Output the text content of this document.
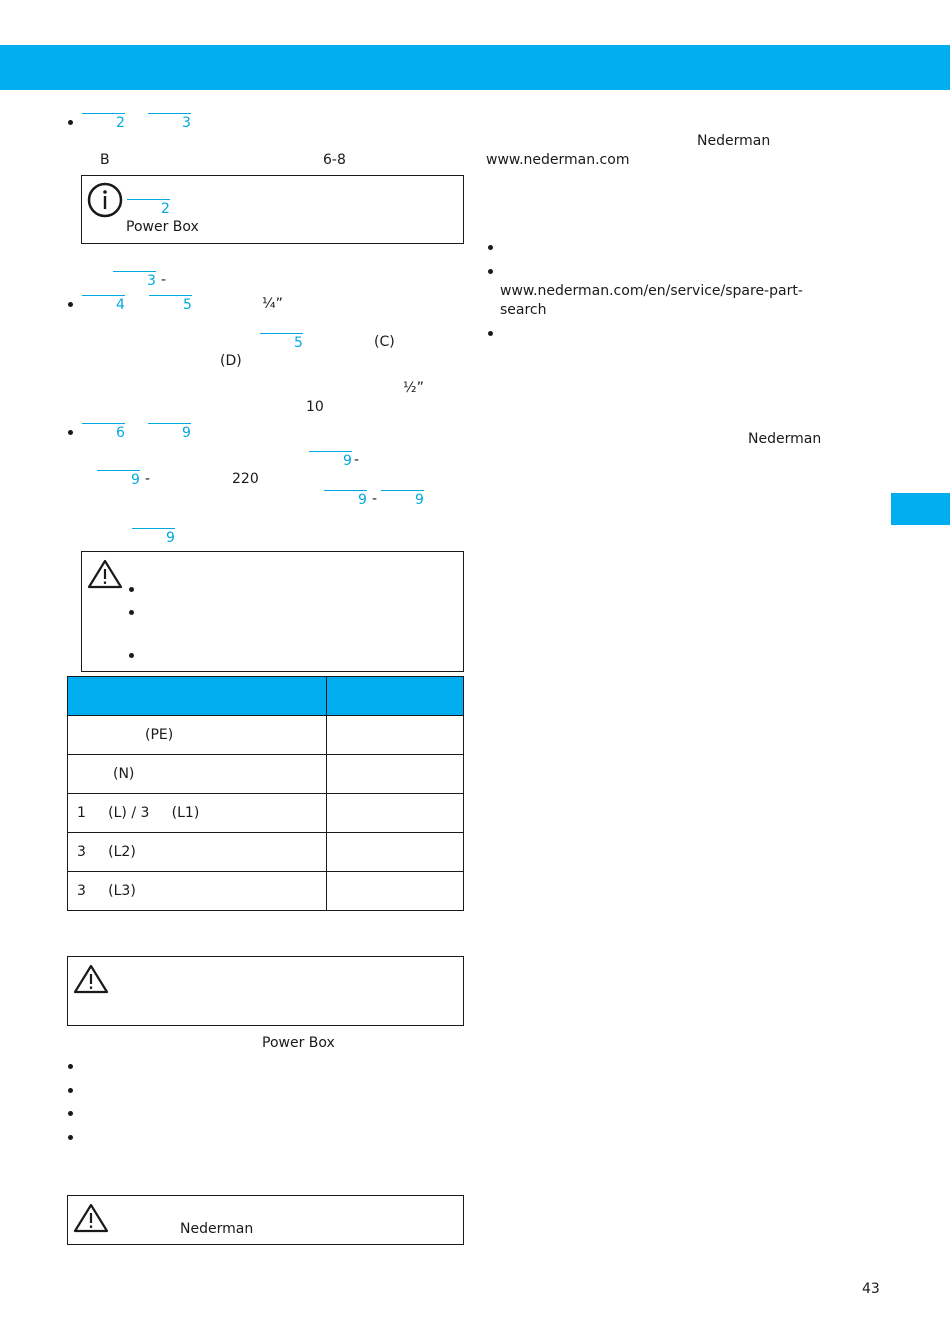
2	3
B	6-8
2
Power Box
3 -
4	5	¼”
5	(C)
(D)
½”
10
6	9
9 -
9 -	220
9 -	9
9

(PE)	
(N)	
1     (L) / 3     (L1)	
3     (L2)	
3     (L3)	
Power Box
Nederman
Nederman
www.nederman.com
www.nederman.com/en/service/spare-part-
search
Nederman
43
